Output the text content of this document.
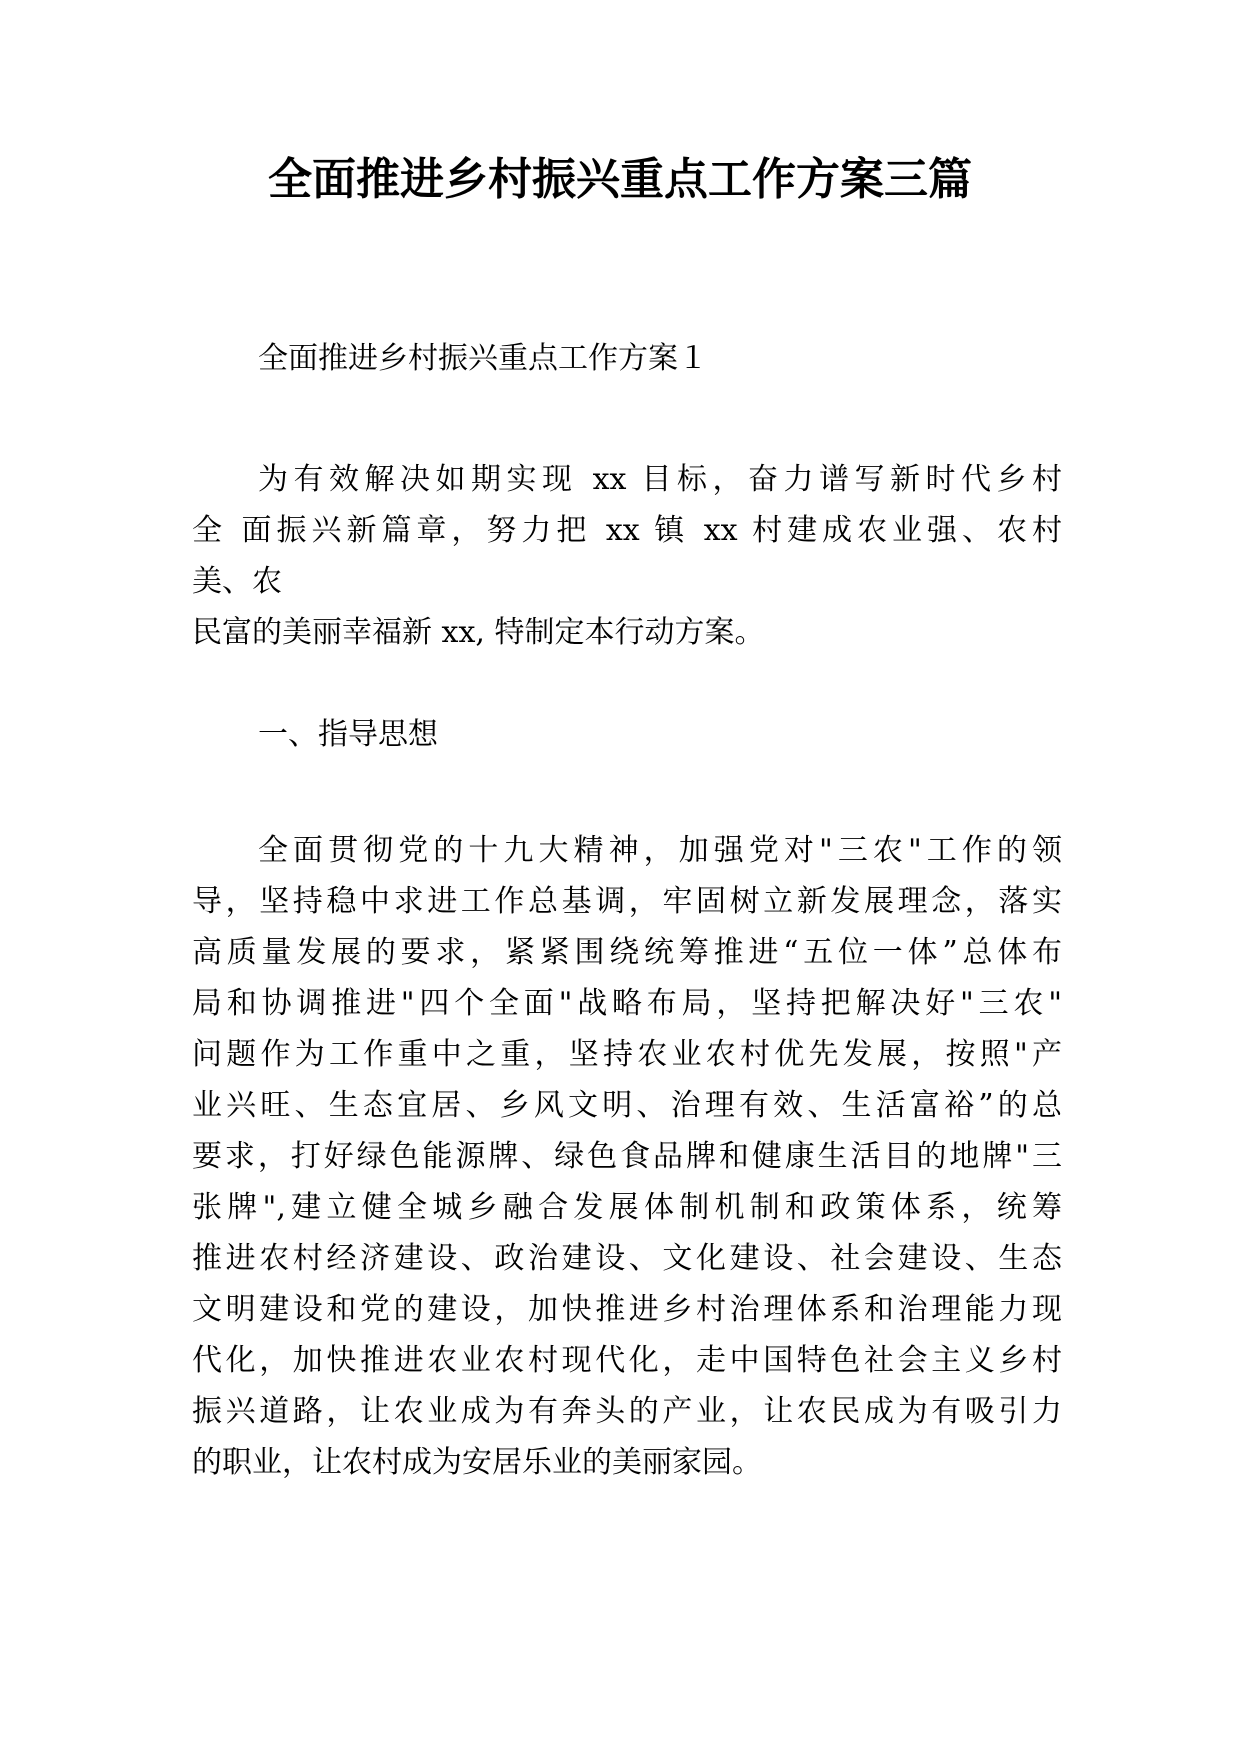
全面推进乡村振兴重点工作方案三篇

全面推进乡村振兴重点工作方案１

为有效解决如期实现 xx 目标，奋力谱写新时代乡村
全 面振兴新篇章，努力把 xx 镇 xx 村建成农业强、农村
美、农
民富的美丽幸福新 xx, 特制定本行动方案。

一、指导思想

全面贯彻党的十九大精神，加强党对"三农"工作的领
导，坚持稳中求进工作总基调，牢固树立新发展理念，落实
高质量发展的要求，紧紧围绕统筹推进“五位一体”总体布
局和协调推进"四个全面"战略布局，坚持把解决好"三农"
问题作为工作重中之重，坚持农业农村优先发展，按照"产
业兴旺、生态宜居、乡风文明、治理有效、生活富裕”的总
要求，打好绿色能源牌、绿色食品牌和健康生活目的地牌"三
张牌",建立健全城乡融合发展体制机制和政策体系，统筹
推进农村经济建设、政治建设、文化建设、社会建设、生态
文明建设和党的建设，加快推进乡村治理体系和治理能力现
代化，加快推进农业农村现代化，走中国特色社会主义乡村
振兴道路，让农业成为有奔头的产业，让农民成为有吸引力
的职业，让农村成为安居乐业的美丽家园。
